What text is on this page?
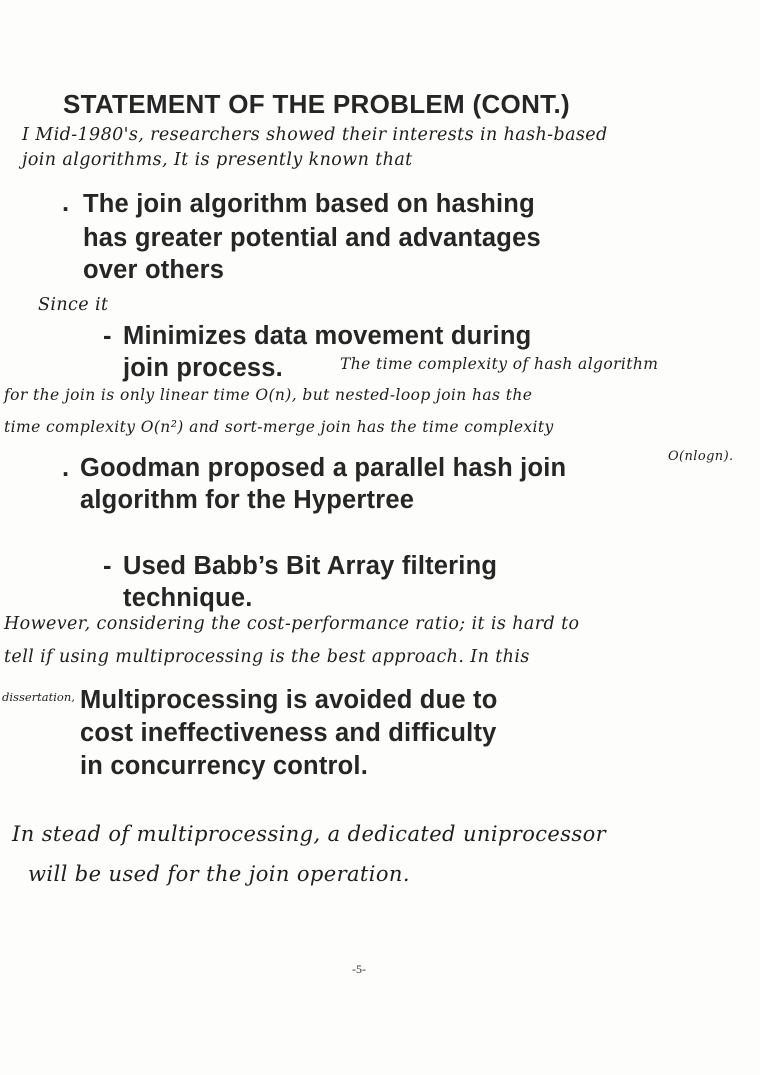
STATEMENT OF THE PROBLEM (CONT.)
I Mid-1980's, researchers showed their interests in hash-based
join algorithms, It is presently known that
. The join algorithm based on hashing
has greater potential and advantages
over others
Since it
- Minimizes data movement during
join process.	The time complexity of hash algorithm
for the join is only linear time O(n), but nested-loop join has the
time complexity O(n²) and sort-merge join has the time complexity
O(nlogn).
. Goodman proposed a parallel hash join
algorithm for the Hypertree
- Used Babb’s Bit Array filtering
technique.
However, considering the cost-performance ratio; it is hard to
tell if using multiprocessing is the best approach. In this
dissertation, Multiprocessing is avoided due to
cost ineffectiveness and difficulty
in concurrency control.
In stead of multiprocessing, a dedicated uniprocessor
will be used for the join operation.
-5-
